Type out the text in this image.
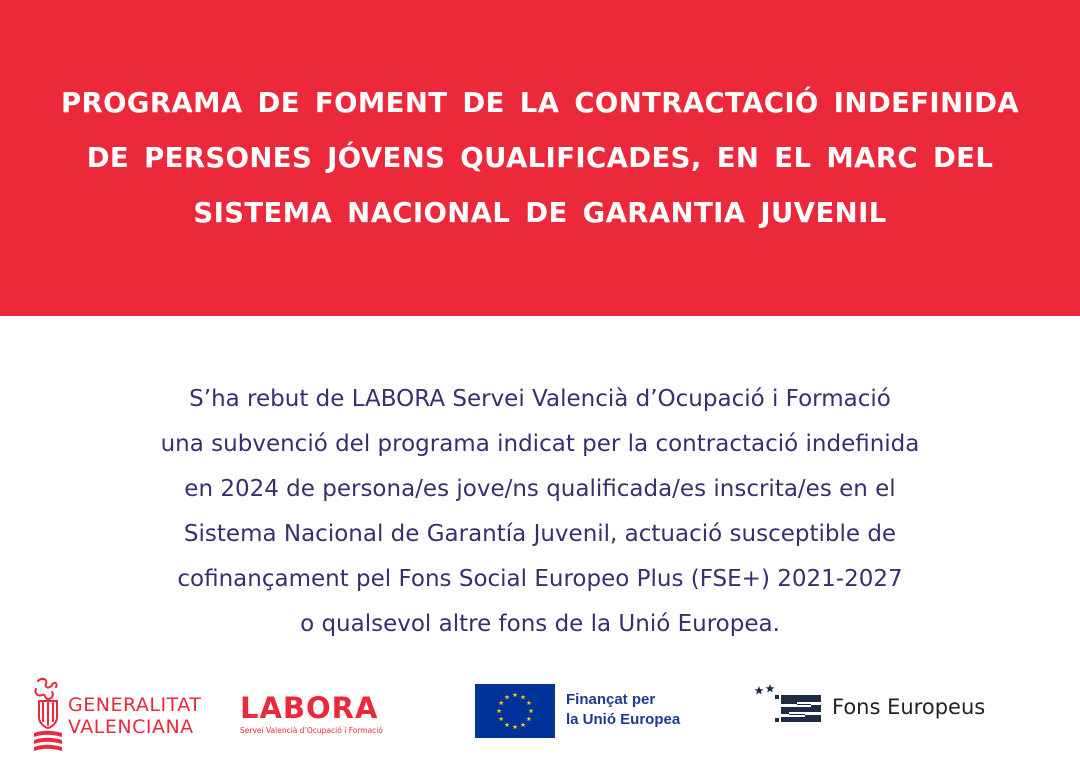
PROGRAMA DE FOMENT DE LA CONTRACTACIÓ INDEFINIDA DE PERSONES JÓVENS QUALIFICADES, EN EL MARC DEL SISTEMA NACIONAL DE GARANTIA JUVENIL
S’ha rebut de LABORA Servei Valencià d’Ocupació i Formació
una subvenció del programa indicat per la contractació indefinida
en 2024 de persona/es jove/ns qualificada/es inscrita/es en el
Sistema Nacional de Garantía Juvenil, actuació susceptible de
cofinançament pel Fons Social Europeo Plus (FSE+) 2021-2027
o qualsevol altre fons de la Unió Europea.
GENERALITAT
VALENCIANA
LABORA
Servei Valencià d’Ocupació i Formació
Finançat per
la Unió Europea
Fons Europeus
